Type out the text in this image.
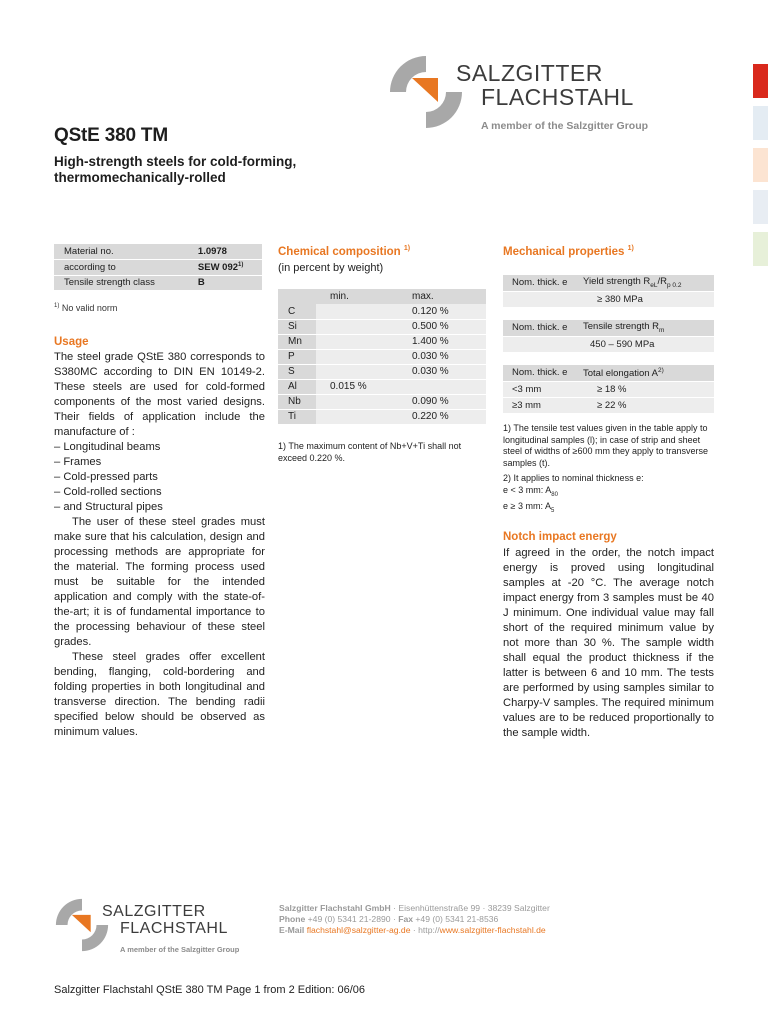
SALZGITTER
FLACHSTAHL
A member of the Salzgitter Group
QStE 380 TM
High-strength steels for cold-forming,
thermomechanically-rolled
Material no.	1.0978
according to	SEW 092$^{1)}$
Tensile strength class	B
$^{1)}$ No valid norm
Usage

The steel grade QStE 380 corresponds to S380MC according to DIN EN 10149-2. These steels are used for cold-formed components of the most varied designs. Their fields of application include the manufacture of :

– Longitudinal beams
– Frames
– Cold-pressed parts
– Cold-rolled sections
– and Structural pipes

The user of these steel grades must make sure that his calculation, design and processing methods are appropriate for the material. The forming process used must be suitable for the intended application and comply with the state-of-the-art; it is of fundamental importance to the processing behaviour of these steel grades.

These steel grades offer excellent bending, flanging, cold-bordering and folding properties in both longitudinal and transverse direction. The bending radii specified below should be observed as minimum values.

Chemical composition $^{1)}$
(in percent by weight)
	min.	max.
C		0.120 %
Si		0.500 %
Mn		1.400 %
P		0.030 %
S		0.030 %
Al	0.015 %	
Nb		0.090 %
Ti		0.220 %
1) The maximum content of Nb+V+Ti shall not exceed 0.220 %.
Mechanical properties $^{1)}$
Nom. thick. e	Yield strength $R_{eL}/R_{p 0.2}$
	≥ 380 MPa
Nom. thick. e	Tensile strength $R_m$
	450 – 590 MPa
Nom. thick. e	Total elongation $A^{2)}$
<3 mm	≥ 18 %
≥3 mm	≥ 22 %
1) The tensile test values given in the table apply to longitudinal samples (l); in case of strip and sheet steel of widths of ≥600 mm they apply to transverse samples (t).
2) It applies to nominal thickness e:
e < 3 mm: $A_{80}$
e ≥ 3 mm: $A_5$
Notch impact energy

If agreed in the order, the notch impact energy is proved using longitudinal samples at -20 °C. The average notch impact energy from 3 samples must be 40 J minimum. One individual value may fall short of the required minimum value by not more than 30 %. The sample width shall equal the product thickness if the latter is between 6 and 10 mm. The tests are performed by using samples similar to Charpy-V samples. The required minimum values are to be reduced proportionally to the sample width.

SALZGITTER
FLACHSTAHL
A member of the Salzgitter Group
Salzgitter Flachstahl GmbH · Eisenhüttenstraße 99 · 38239 Salzgitter
Phone +49 (0) 5341 21-2890 · Fax +49 (0) 5341 21-8536
E-Mail flachstahl@salzgitter-ag.de · http://www.salzgitter-flachstahl.de
Salzgitter Flachstahl QStE 380 TM Page 1 from 2 Edition: 06/06
